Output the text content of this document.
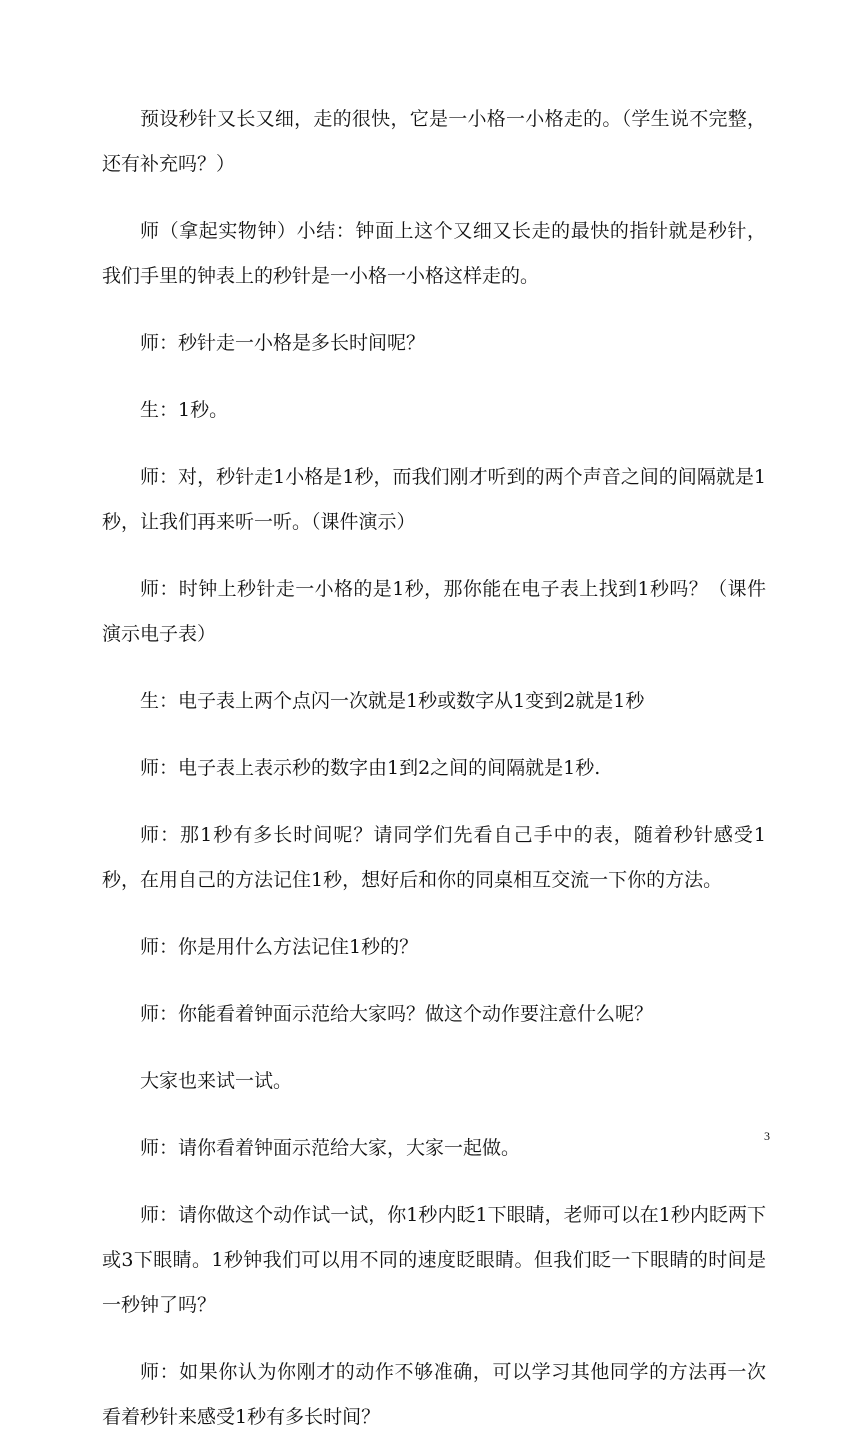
预设秒针又长又细，走的很快，它是一小格一小格走的。（学生说不完整，还有补充吗？）

师（拿起实物钟）小结：钟面上这个又细又长走的最快的指针就是秒针，我们手里的钟表上的秒针是一小格一小格这样走的。

师：秒针走一小格是多长时间呢？

生：1秒。

师：对，秒针走1小格是1秒，而我们刚才听到的两个声音之间的间隔就是1秒，让我们再来听一听。（课件演示）

师：时钟上秒针走一小格的是1秒，那你能在电子表上找到1秒吗？（课件演示电子表）

生：电子表上两个点闪一次就是1秒或数字从1变到2就是1秒

师：电子表上表示秒的数字由1到2之间的间隔就是1秒.

师：那1秒有多长时间呢？请同学们先看自己手中的表，随着秒针感受1秒，在用自己的方法记住1秒，想好后和你的同桌相互交流一下你的方法。

师：你是用什么方法记住1秒的？

师：你能看着钟面示范给大家吗？做这个动作要注意什么呢？

大家也来试一试。

师：请你看着钟面示范给大家，大家一起做。

师：请你做这个动作试一试，你1秒内眨1下眼睛，老师可以在1秒内眨两下或3下眼睛。1秒钟我们可以用不同的速度眨眼睛。但我们眨一下眼睛的时间是一秒钟了吗？

师：如果你认为你刚才的动作不够准确，可以学习其他同学的方法再一次看着秒针来感受1秒有多长时间？

3
